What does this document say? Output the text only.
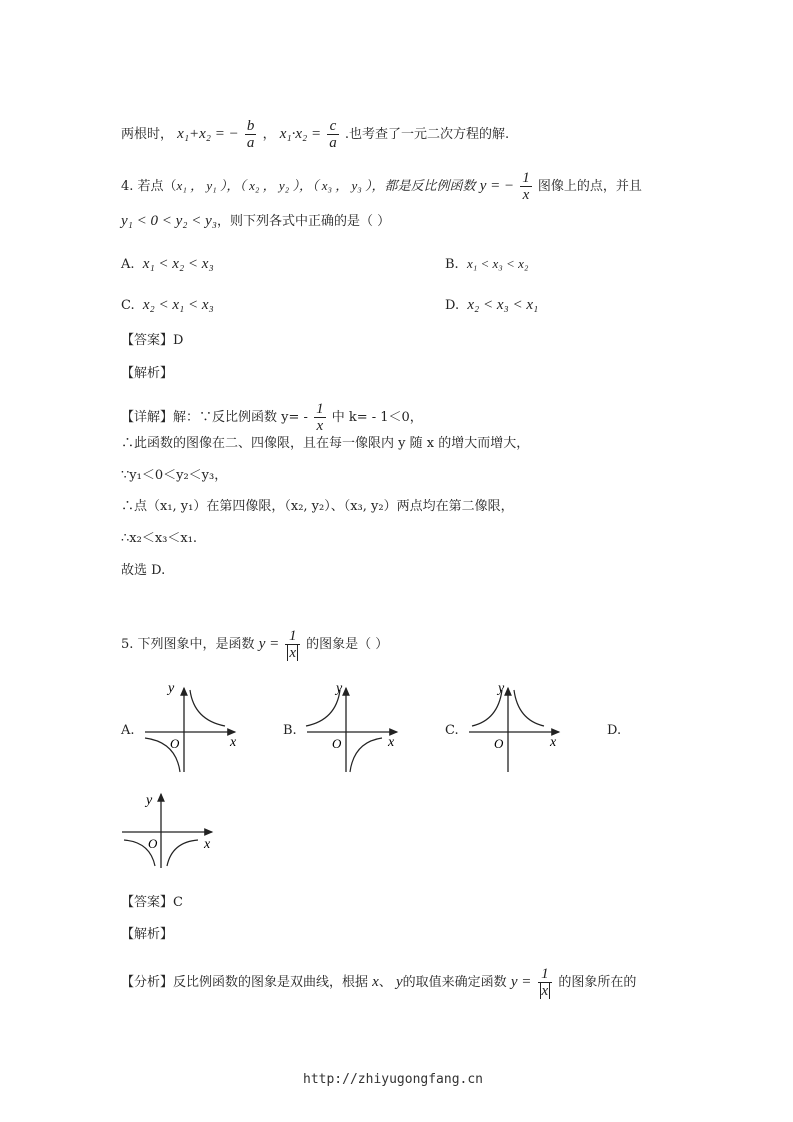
两根时， x₁+x₂ = − $\frac{b}{a}$ ， $x_1\cdot x_2 = \frac{c}{a}$ .也考查了一元二次方程的解.
4. 若点（x₁ ， y₁ ），（ x₂ ， y₂ ），（ x₃ ， y₃ ），都是反比例函数 y = − $\frac{1}{x}$ 图像上的点，并且
y₁ < 0 < y₂ < y₃，则下列各式中正确的是（ ）
A. x₁ < x₂ < x₃	B. x₁ < x₃ < x₂
C. x₂ < x₁ < x₃	D. x₂ < x₃ < x₁
【答案】D
【解析】
【详解】解：∵反比例函数 $y= - \frac{1}{x}$ 中 k= - 1＜0，
∴此函数的图像在二、四像限，且在每一像限内 y 随 x 的增大而增大，
∵y₁＜0＜y₂＜y₃，
∴点（x₁, y₁）在第四像限，（x₂, y₂）、（x₃, y₂）两点均在第二像限，
∴x₂＜x₃＜x₁.
故选 D.
5. 下列图象中，是函数 $y = \frac{1}{x}$ 的图象是（ ）
A.	B.	C.	D.
y
x
O
y
x
O
y
x
O
y
x
O
【答案】C
【解析】
【分析】反比例函数的图象是双曲线，根据 x、 y的取值来确定函数 $y = \frac{1}{x}$ 的图象所在的
http://zhiyugongfang.cn
